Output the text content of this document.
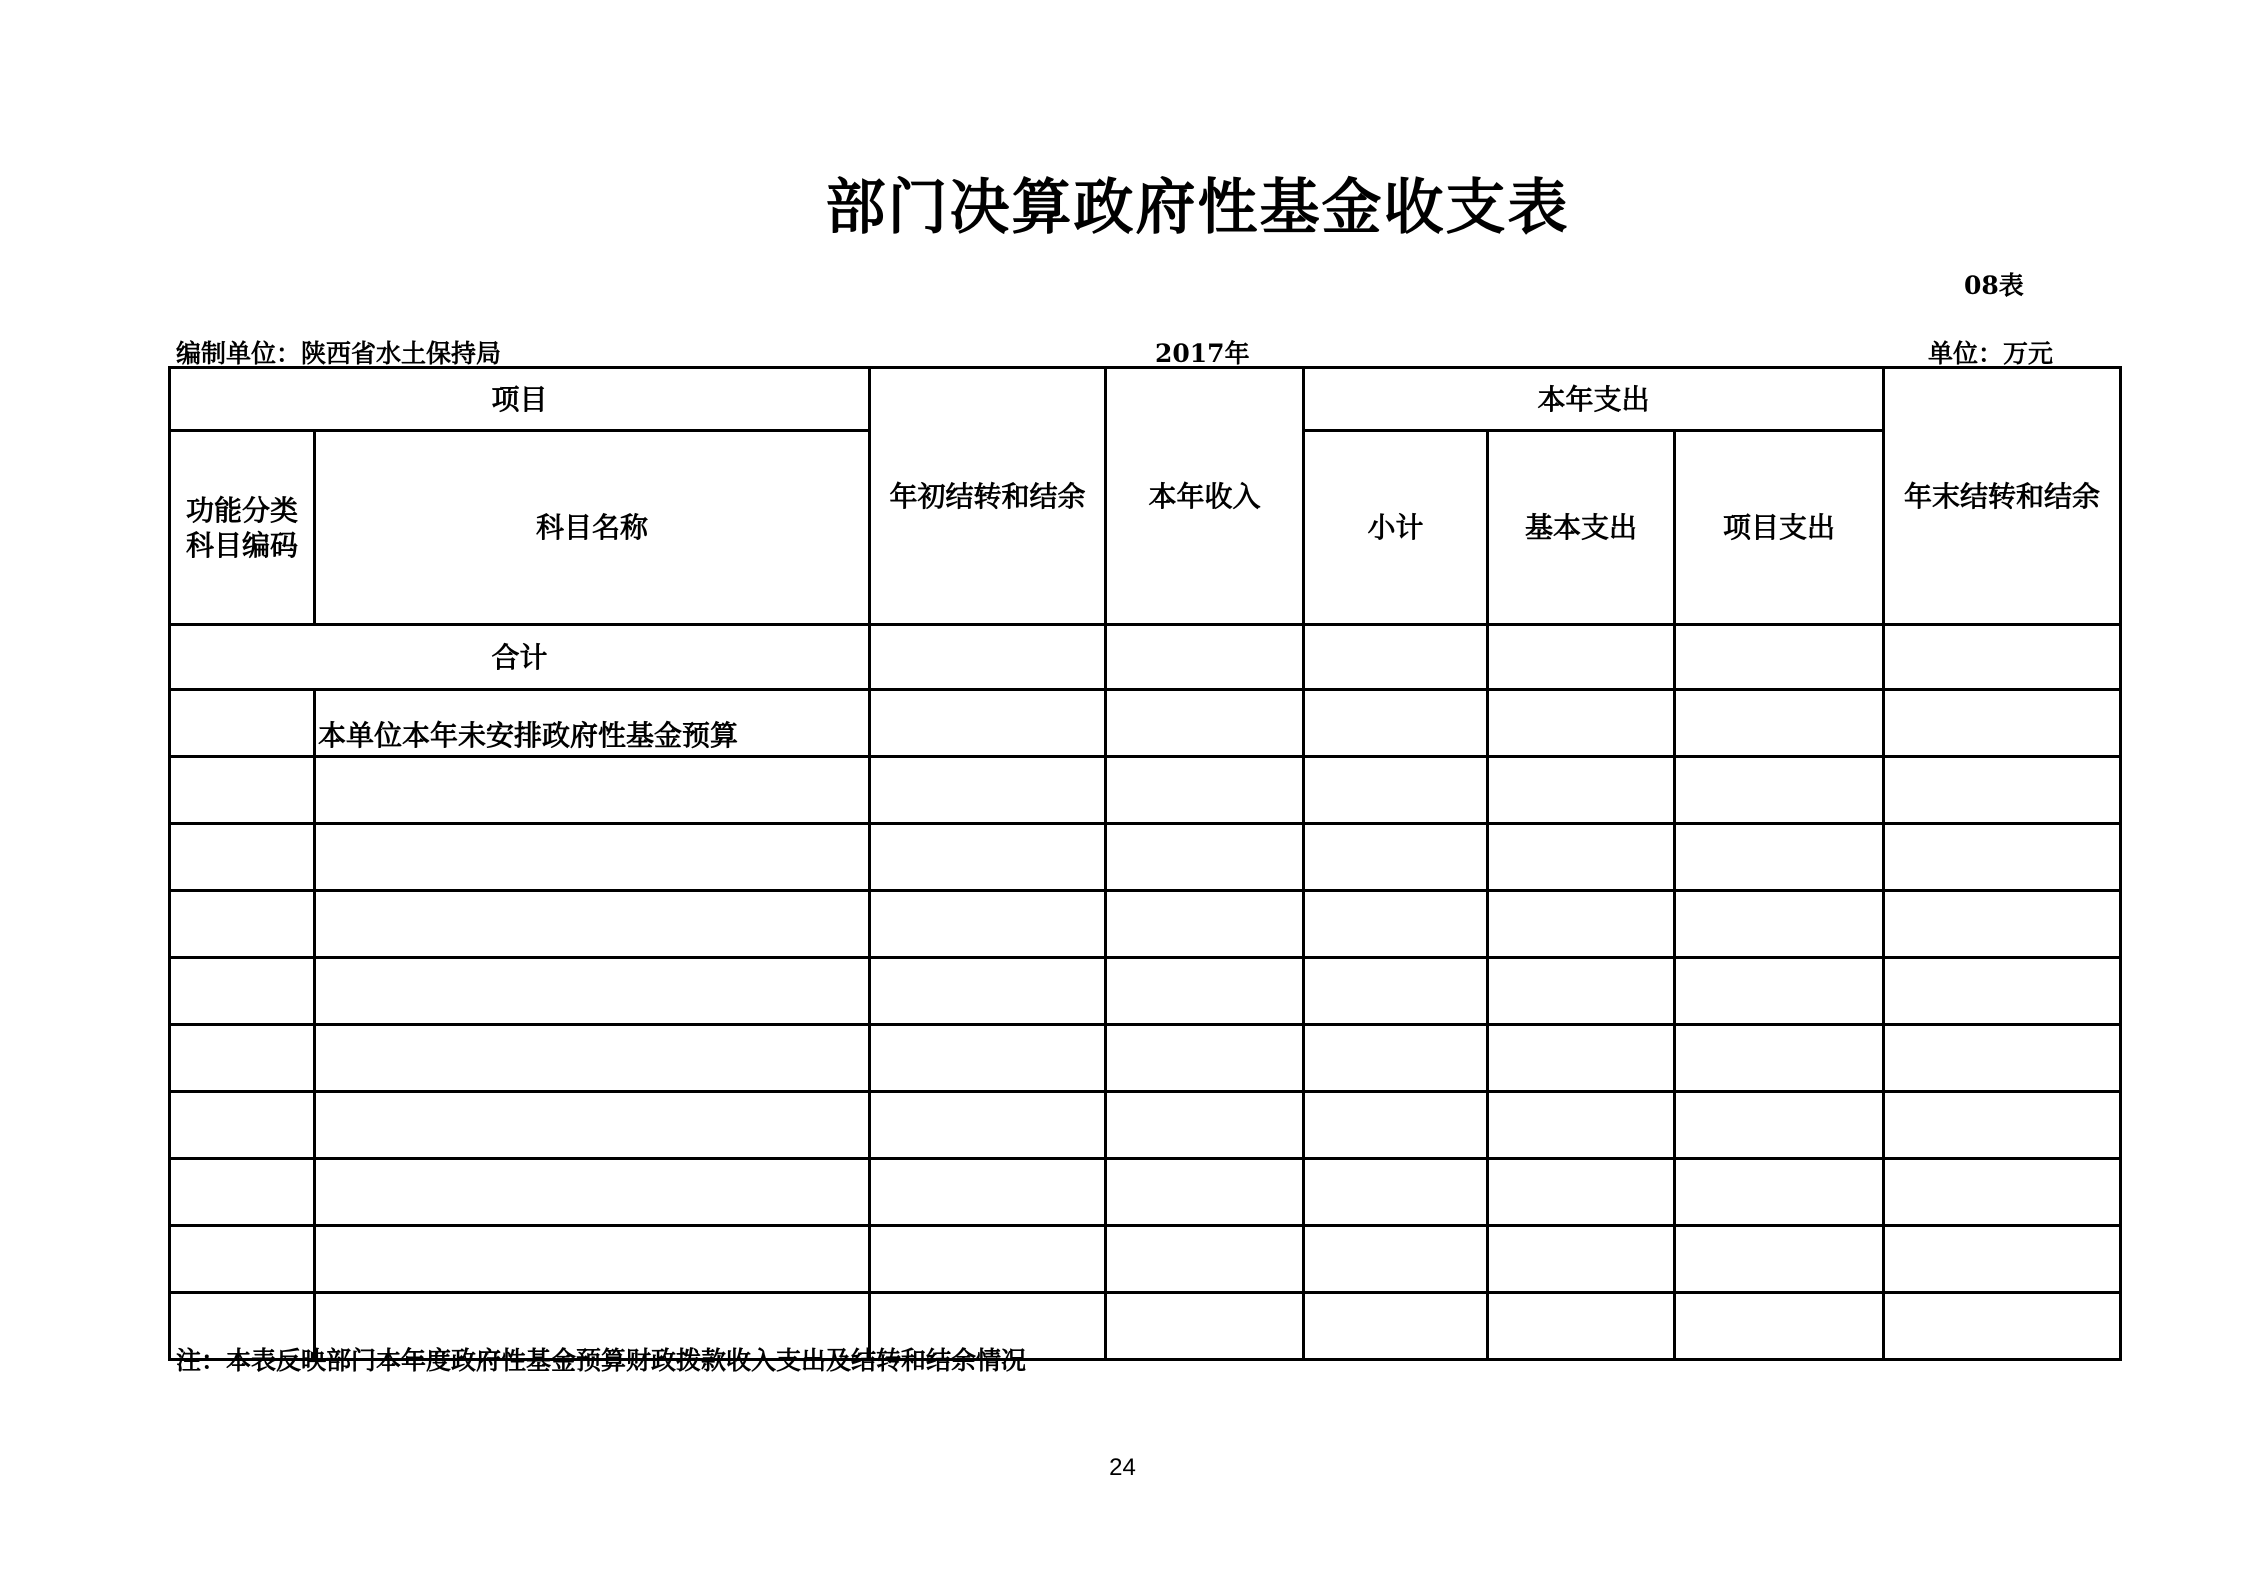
部门决算政府性基金收支表
08表
编制单位：陕西省水土保持局	2017年	单位：万元
项目		年初结转和结余	本年收入	本年支出			年末结转和结余

功能分类科目编码	科目名称			小计	基本支出	项目支出	
合计							
	本单位本年未安排政府性基金预算						

注：本表反映部门本年度政府性基金预算财政拨款收入支出及结转和结余情况
24
